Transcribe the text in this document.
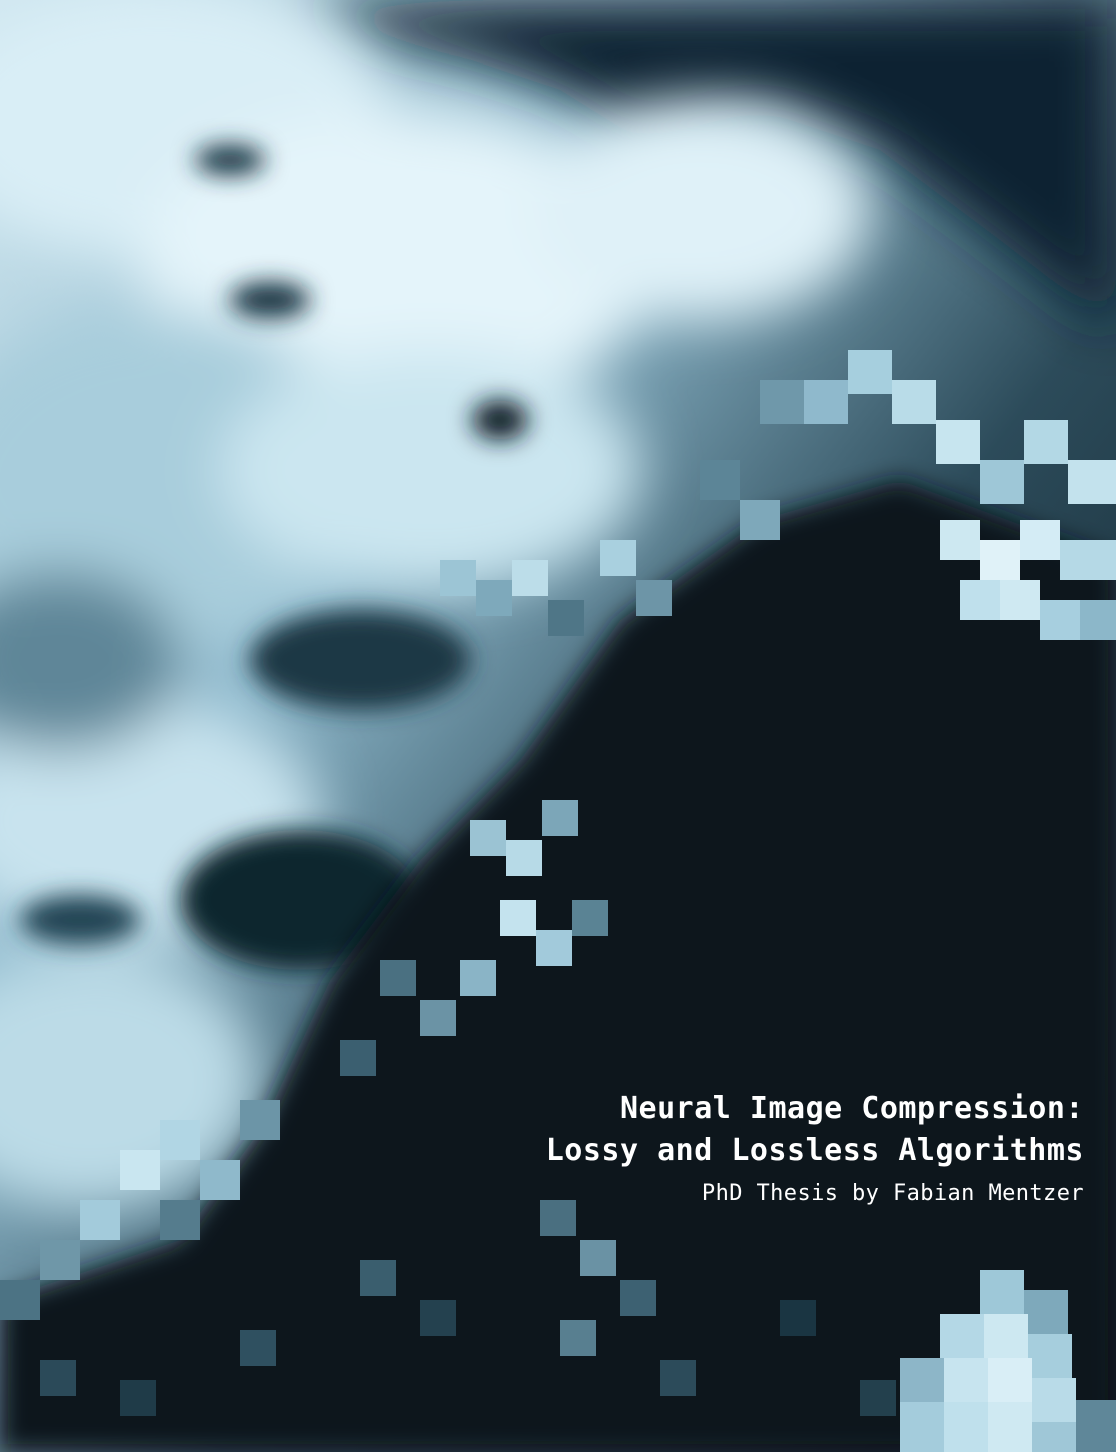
Neural Image Compression:
Lossy and Lossless Algorithms
PhD Thesis by Fabian Mentzer
